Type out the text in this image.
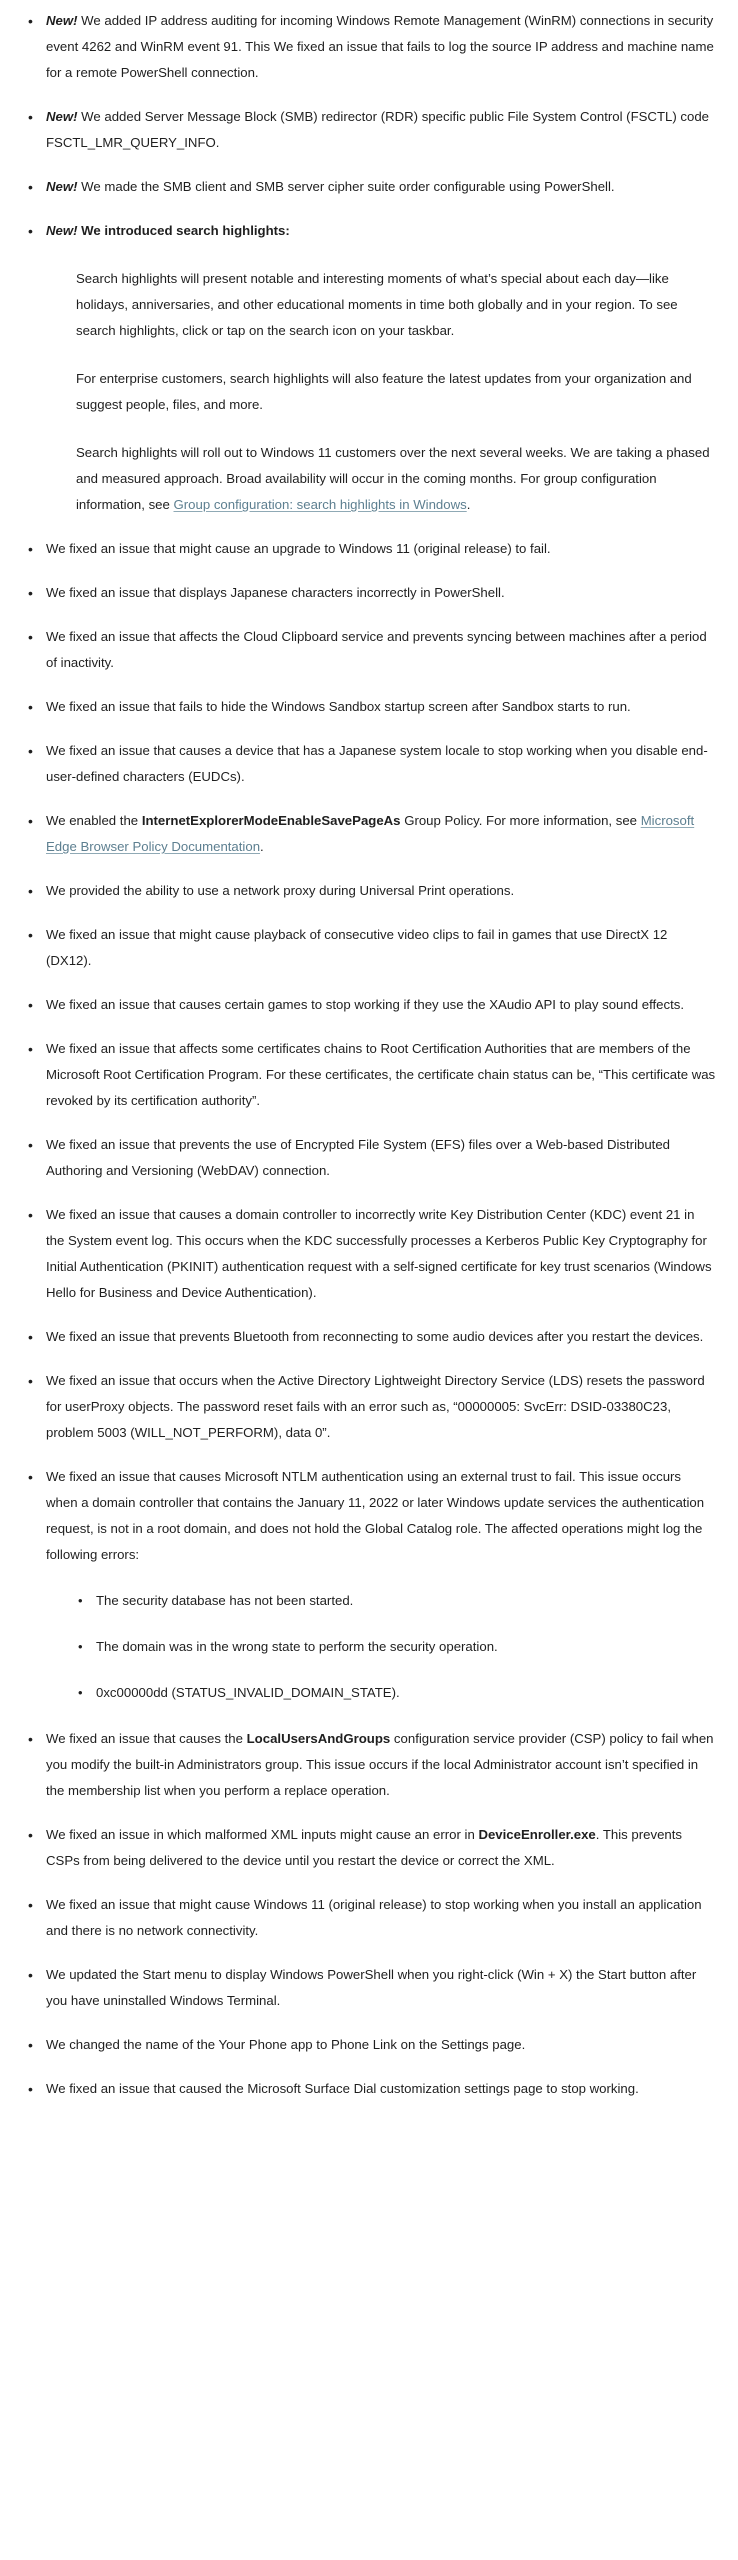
• New! We added IP address auditing for incoming Windows Remote Management (WinRM) connections in security event 4262 and WinRM event 91. This We fixed an issue that fails to log the source IP address and machine name for a remote PowerShell connection.
• New! We added Server Message Block (SMB) redirector (RDR) specific public File System Control (FSCTL) code FSCTL_LMR_QUERY_INFO.
• New! We made the SMB client and SMB server cipher suite order configurable using PowerShell.
• New! We introduced search highlights:

Search highlights will present notable and interesting moments of what’s special about each day—like holidays, anniversaries, and other educational moments in time both globally and in your region. To see search highlights, click or tap on the search icon on your taskbar.

For enterprise customers, search highlights will also feature the latest updates from your organization and suggest people, files, and more.

Search highlights will roll out to Windows 11 customers over the next several weeks. We are taking a phased and measured approach. Broad availability will occur in the coming months. For group configuration information, see Group configuration: search highlights in Windows.

• We fixed an issue that might cause an upgrade to Windows 11 (original release) to fail.
• We fixed an issue that displays Japanese characters incorrectly in PowerShell.
• We fixed an issue that affects the Cloud Clipboard service and prevents syncing between machines after a period of inactivity.
• We fixed an issue that fails to hide the Windows Sandbox startup screen after Sandbox starts to run.
• We fixed an issue that causes a device that has a Japanese system locale to stop working when you disable end-user-defined characters (EUDCs).
• We enabled the InternetExplorerModeEnableSavePageAs Group Policy. For more information, see Microsoft Edge Browser Policy Documentation.
• We provided the ability to use a network proxy during Universal Print operations.
• We fixed an issue that might cause playback of consecutive video clips to fail in games that use DirectX 12 (DX12).
• We fixed an issue that causes certain games to stop working if they use the XAudio API to play sound effects.
• We fixed an issue that affects some certificates chains to Root Certification Authorities that are members of the Microsoft Root Certification Program. For these certificates, the certificate chain status can be, “This certificate was revoked by its certification authority”.
• We fixed an issue that prevents the use of Encrypted File System (EFS) files over a Web-based Distributed Authoring and Versioning (WebDAV) connection.
• We fixed an issue that causes a domain controller to incorrectly write Key Distribution Center (KDC) event 21 in the System event log. This occurs when the KDC successfully processes a Kerberos Public Key Cryptography for Initial Authentication (PKINIT) authentication request with a self-signed certificate for key trust scenarios (Windows Hello for Business and Device Authentication).
• We fixed an issue that prevents Bluetooth from reconnecting to some audio devices after you restart the devices.
• We fixed an issue that occurs when the Active Directory Lightweight Directory Service (LDS) resets the password for userProxy objects. The password reset fails with an error such as, “00000005: SvcErr: DSID-03380C23, problem 5003 (WILL_NOT_PERFORM), data 0”.
• We fixed an issue that causes Microsoft NTLM authentication using an external trust to fail. This issue occurs when a domain controller that contains the January 11, 2022 or later Windows update services the authentication request, is not in a root domain, and does not hold the Global Catalog role. The affected operations might log the following errors:
• The security database has not been started.
• The domain was in the wrong state to perform the security operation.
• 0xc00000dd (STATUS_INVALID_DOMAIN_STATE).
• We fixed an issue that causes the LocalUsersAndGroups configuration service provider (CSP) policy to fail when you modify the built-in Administrators group. This issue occurs if the local Administrator account isn’t specified in the membership list when you perform a replace operation.
• We fixed an issue in which malformed XML inputs might cause an error in DeviceEnroller.exe. This prevents CSPs from being delivered to the device until you restart the device or correct the XML.
• We fixed an issue that might cause Windows 11 (original release) to stop working when you install an application and there is no network connectivity.
• We updated the Start menu to display Windows PowerShell when you right-click (Win + X) the Start button after you have uninstalled Windows Terminal.
• We changed the name of the Your Phone app to Phone Link on the Settings page.
• We fixed an issue that caused the Microsoft Surface Dial customization settings page to stop working.
